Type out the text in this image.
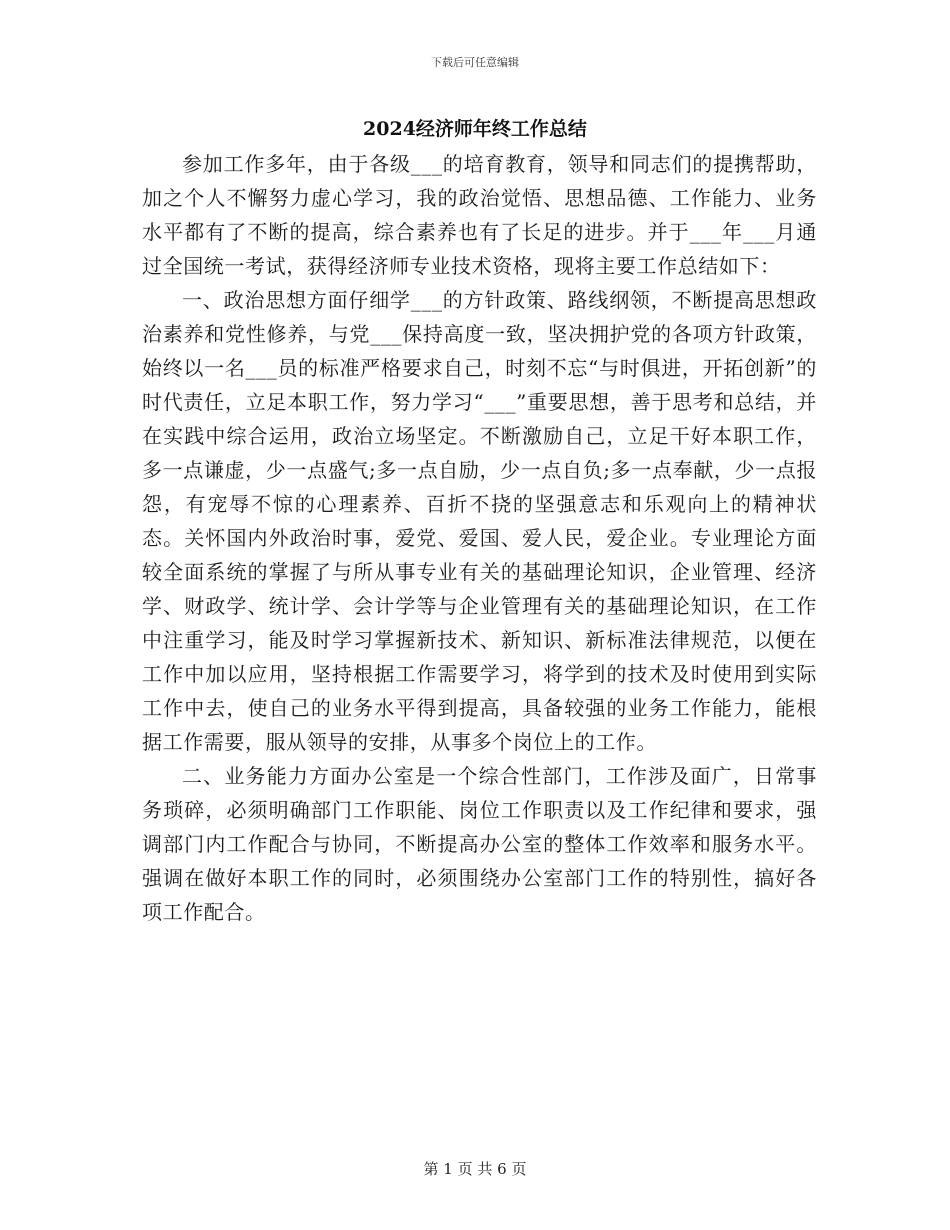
下载后可任意编辑
2024经济师年终工作总结

参加工作多年，由于各级___的培育教育，领导和同志们的提携帮助，加之个人不懈努力虚心学习，我的政治觉悟、思想品德、工作能力、业务水平都有了不断的提高，综合素养也有了长足的进步。并于___年___月通过全国统一考试，获得经济师专业技术资格，现将主要工作总结如下：

一、政治思想方面仔细学___的方针政策、路线纲领，不断提高思想政治素养和党性修养，与党___保持高度一致，坚决拥护党的各项方针政策，始终以一名___员的标准严格要求自己，时刻不忘“与时俱进，开拓创新”的时代责任，立足本职工作，努力学习“___”重要思想，善于思考和总结，并在实践中综合运用，政治立场坚定。不断激励自己，立足干好本职工作，多一点谦虚，少一点盛气;多一点自励，少一点自负;多一点奉献，少一点报怨，有宠辱不惊的心理素养、百折不挠的坚强意志和乐观向上的精神状态。关怀国内外政治时事，爱党、爱国、爱人民，爱企业。专业理论方面较全面系统的掌握了与所从事专业有关的基础理论知识，企业管理、经济学、财政学、统计学、会计学等与企业管理有关的基础理论知识，在工作中注重学习，能及时学习掌握新技术、新知识、新标准法律规范，以便在工作中加以应用，坚持根据工作需要学习，将学到的技术及时使用到实际工作中去，使自己的业务水平得到提高，具备较强的业务工作能力，能根据工作需要，服从领导的安排，从事多个岗位上的工作。

二、业务能力方面办公室是一个综合性部门，工作涉及面广，日常事务琐碎，必须明确部门工作职能、岗位工作职责以及工作纪律和要求，强调部门内工作配合与协同，不断提高办公室的整体工作效率和服务水平。强调在做好本职工作的同时，必须围绕办公室部门工作的特别性，搞好各项工作配合。

第 1 页 共 6 页
